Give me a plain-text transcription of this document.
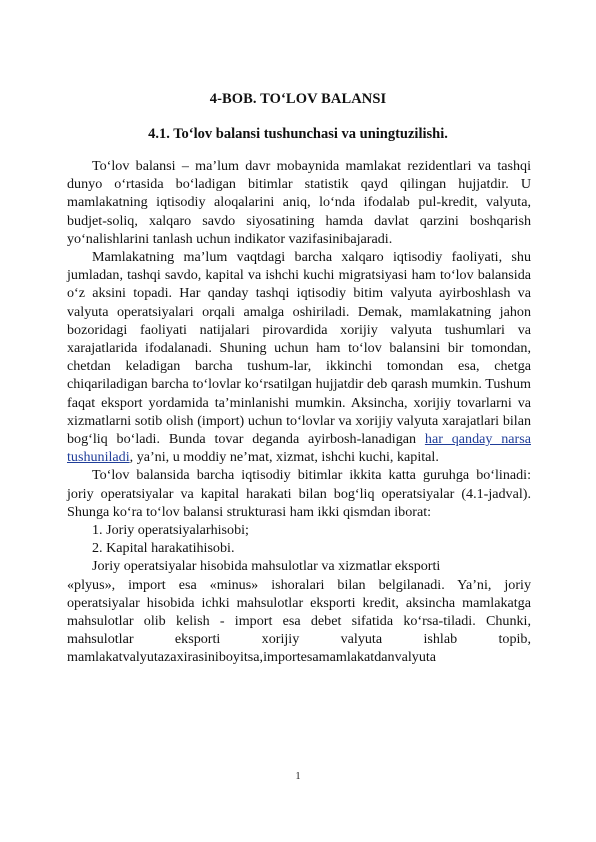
4-BOB. TO‘LOV BALANSI
4.1. To‘lov balansi tushunchasi va uningtuzilishi.

To‘lov balansi – ma’lum davr mobaynida mamlakat rezidentlari va tashqi dunyo o‘rtasida bo‘ladigan bitimlar statistik qayd qilingan hujjatdir. U mamlakatning iqtisodiy aloqalarini aniq, lo‘nda ifodalab pul-kredit, valyuta, budjet-soliq, xalqaro savdo siyosatining hamda davlat qarzini boshqarish yo‘nalishlarini tanlash uchun indikator vazifasinibajaradi.

Mamlakatning ma’lum vaqtdagi barcha xalqaro iqtisodiy faoliyati, shu jumladan, tashqi savdo, kapital va ishchi kuchi migratsiyasi ham to‘lov balansida o‘z aksini topadi. Har qanday tashqi iqtisodiy bitim valyuta ayirboshlash va valyuta operatsiyalari orqali amalga oshiriladi. Demak, mamlakatning jahon bozoridagi faoliyati natijalari pirovardida xorijiy valyuta tushumlari va xarajatlarida ifodalanadi. Shuning uchun ham to‘lov balansini bir tomondan, chetdan keladigan barcha tushum-lar, ikkinchi tomondan esa, chetga chiqariladigan barcha to‘lovlar ko‘rsatilgan hujjatdir deb qarash mumkin. Tushum faqat eksport yordamida ta’minlanishi mumkin. Aksincha, xorijiy tovarlarni va xizmatlarni sotib olish (import) uchun to‘lovlar va xorijiy valyuta xarajatlari bilan bog‘liq bo‘ladi. Bunda tovar deganda ayirbosh-lanadigan har qanday narsa tushuniladi, ya’ni, u moddiy ne’mat, xizmat, ishchi kuchi, kapital.

To‘lov balansida barcha iqtisodiy bitimlar ikkita katta guruhga bo‘linadi: joriy operatsiyalar va kapital harakati bilan bog‘liq operatsiyalar (4.1-jadval). Shunga ko‘ra to‘lov balansi strukturasi ham ikki qismdan iborat:

1. Joriy operatsiyalarhisobi;

2. Kapital harakatihisobi.

Joriy operatsiyalar hisobida mahsulotlar va xizmatlar eksporti

«plyus», import esa «minus» ishoralari bilan belgilanadi. Ya’ni, joriy operatsiyalar hisobida ichki mahsulotlar eksporti kredit, aksincha mamlakatga mahsulotlar olib kelish - import esa debet sifatida ko‘rsa-tiladi. Chunki, mahsulotlar eksporti xorijiy valyuta ishlab topib, mamlakatvalyutazaxirasiniboyitsa,importesamamlakatdanvalyuta

1
